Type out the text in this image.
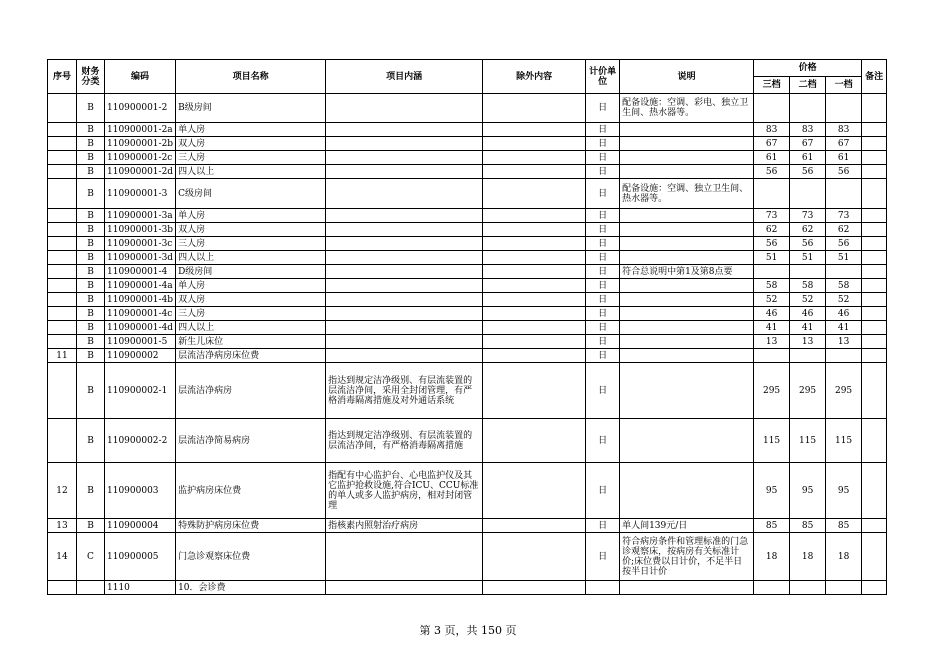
序号	财务分类	编码	项目名称	项目内涵	除外内容	计价单位	说明	价格			备注
								三档	二档	一档	
	B	110900001-2	B级房间			日	配备设施：空调、彩电、独立卫生间、热水器等。				
	B	110900001-2a	单人房			日		83	83	83	
	B	110900001-2b	双人房			日		67	67	67	
	B	110900001-2c	三人房			日		61	61	61	
	B	110900001-2d	四人以上			日		56	56	56	
	B	110900001-3	C级房间			日	配备设施：空调、独立卫生间、热水器等。				
	B	110900001-3a	单人房			日		73	73	73	
	B	110900001-3b	双人房			日		62	62	62	
	B	110900001-3c	三人房			日		56	56	56	
	B	110900001-3d	四人以上			日		51	51	51	
	B	110900001-4	D级房间			日	符合总说明中第1及第8点要				
	B	110900001-4a	单人房			日		58	58	58	
	B	110900001-4b	双人房			日		52	52	52	
	B	110900001-4c	三人房			日		46	46	46	
	B	110900001-4d	四人以上			日		41	41	41	
	B	110900001-5	新生儿床位			日		13	13	13	
11	B	110900002	层流洁净病房床位费			日					
	B	110900002-1	层流洁净病房	指达到规定洁净级别、有层流装置的层流洁净间，采用全封闭管理，有严格消毒隔离措施及对外通话系统		日		295	295	295	
	B	110900002-2	层流洁净简易病房	指达到规定洁净级别、有层流装置的层流洁净间，有严格消毒隔离措施		日		115	115	115	
12	B	110900003	监护病房床位费	指配有中心监护台、心电监护仪及其它监护抢救设施,符合ICU、CCU标准的单人或多人监护病房，相对封闭管理		日		95	95	95	
13	B	110900004	特殊防护病房床位费	指核素内照射治疗病房		日	单人间139元/日	85	85	85	
14	C	110900005	门急诊观察床位费			日	符合病房条件和管理标准的门急诊观察床，按病房有关标准计价;床位费以日计价，不足半日按半日计价	18	18	18	
		1110	10．会诊费								
第 3 页，共 150 页
